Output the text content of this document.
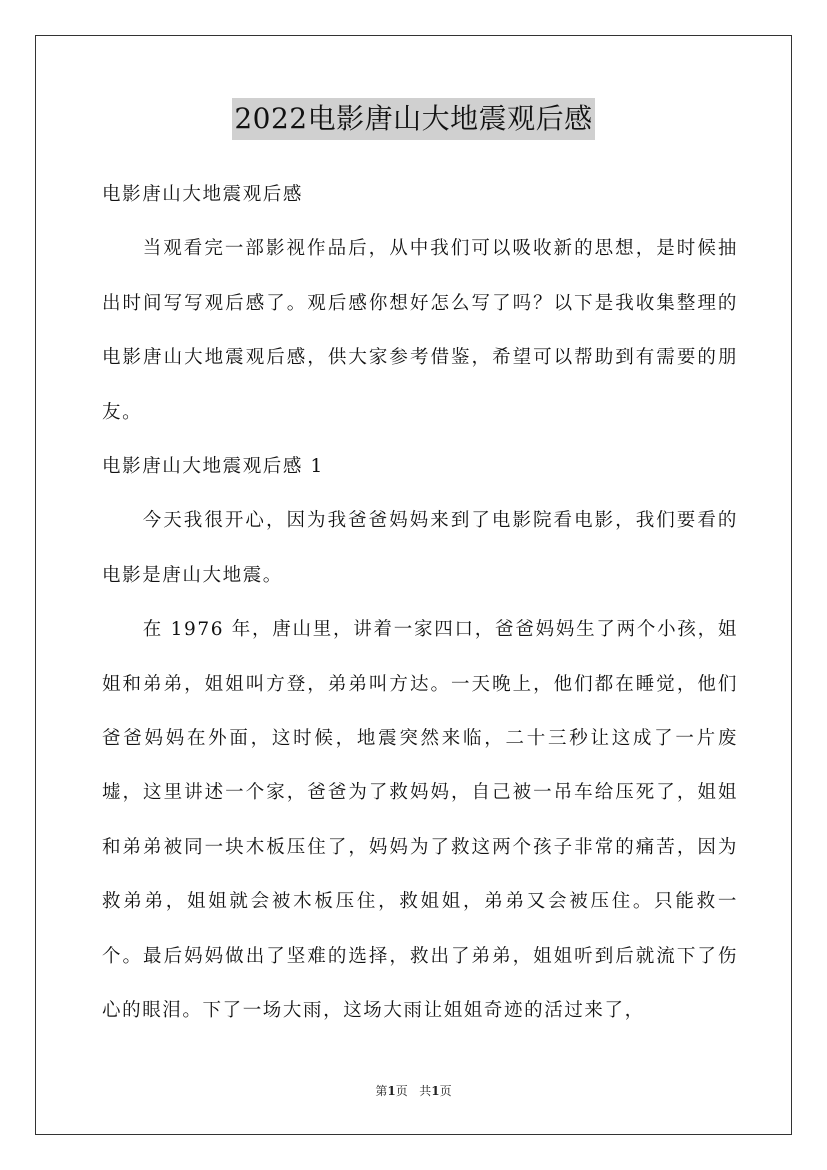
2022电影唐山大地震观后感

电影唐山大地震观后感

当观看完一部影视作品后，从中我们可以吸收新的思想，是时候抽出时间写写观后感了。观后感你想好怎么写了吗？以下是我收集整理的电影唐山大地震观后感，供大家参考借鉴，希望可以帮助到有需要的朋友。

电影唐山大地震观后感 1

今天我很开心，因为我爸爸妈妈来到了电影院看电影，我们要看的电影是唐山大地震。

在 1976 年，唐山里，讲着一家四口，爸爸妈妈生了两个小孩，姐姐和弟弟，姐姐叫方登，弟弟叫方达。一天晚上，他们都在睡觉，他们爸爸妈妈在外面，这时候，地震突然来临，二十三秒让这成了一片废墟，这里讲述一个家，爸爸为了救妈妈，自己被一吊车给压死了，姐姐和弟弟被同一块木板压住了，妈妈为了救这两个孩子非常的痛苦，因为救弟弟，姐姐就会被木板压住，救姐姐，弟弟又会被压住。只能救一个。最后妈妈做出了坚难的选择，救出了弟弟，姐姐听到后就流下了伤心的眼泪。下了一场大雨，这场大雨让姐姐奇迹的活过来了，

第1页 共1页
